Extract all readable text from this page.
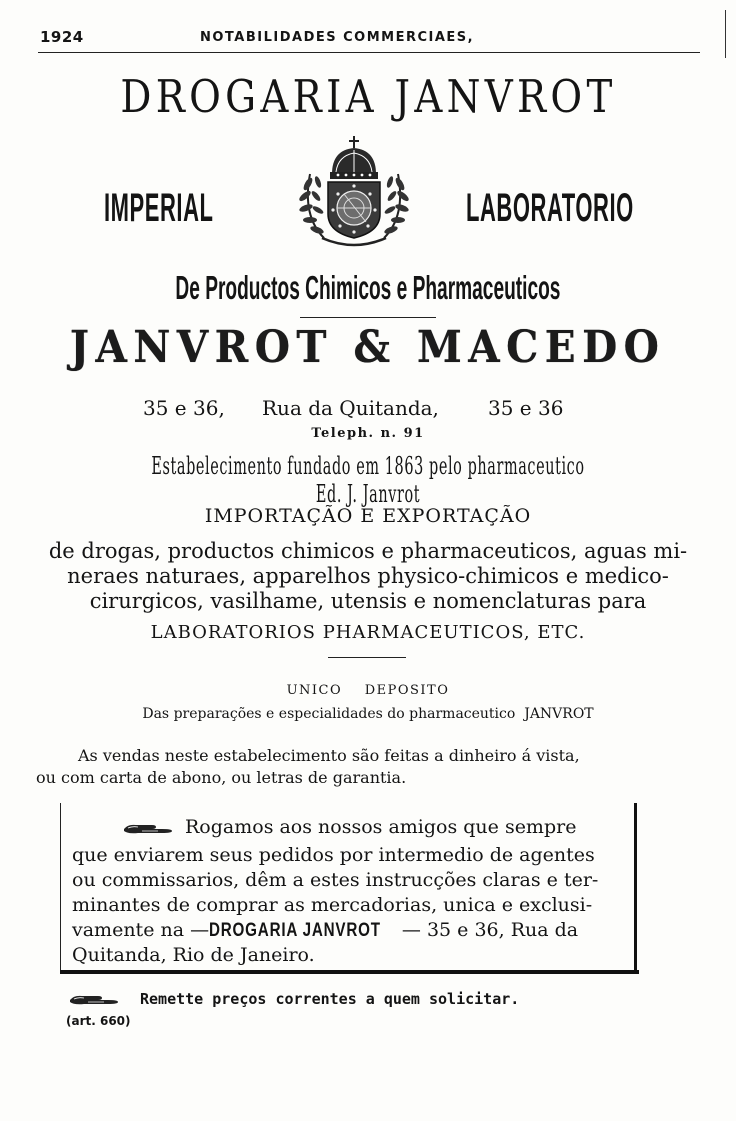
1924	NOTABILIDADES COMMERCIAES,
DROGARIA JANVROT
IMPERIAL	LABORATORIO
De Productos Chimicos e Pharmaceuticos
JANVROT & MACEDO
35 e 36, Rua da Quitanda, 35 e 36
Teleph. n. 91
Estabelecimento fundado em 1863 pelo pharmaceutico Ed. J. Janvrot
IMPORTAÇÃO E EXPORTAÇÃO
de drogas, productos chimicos e pharmaceuticos, aguas mi-
neraes naturaes, apparelhos physico-chimicos e medico-
cirurgicos, vasilhame, utensis e nomenclaturas para
LABORATORIOS PHARMACEUTICOS, ETC.
UNICO    DEPOSITO
Das preparações e especialidades do pharmaceutico  JANVROT
As vendas neste estabelecimento são feitas a dinheiro á vista,
ou com carta de abono, ou letras de garantia.
Rogamos aos nossos amigos que sempre
que enviarem seus pedidos por intermedio de agentes
ou commissarios, dêm a estes instrucções claras e ter-
minantes de comprar as mercadorias, unica e exclusi-
vamente na —DROGARIA JANVROT — 35 e 36, Rua da
Quitanda, Rio de Janeiro.
Remette preços correntes a quem solicitar.
(art. 660)
